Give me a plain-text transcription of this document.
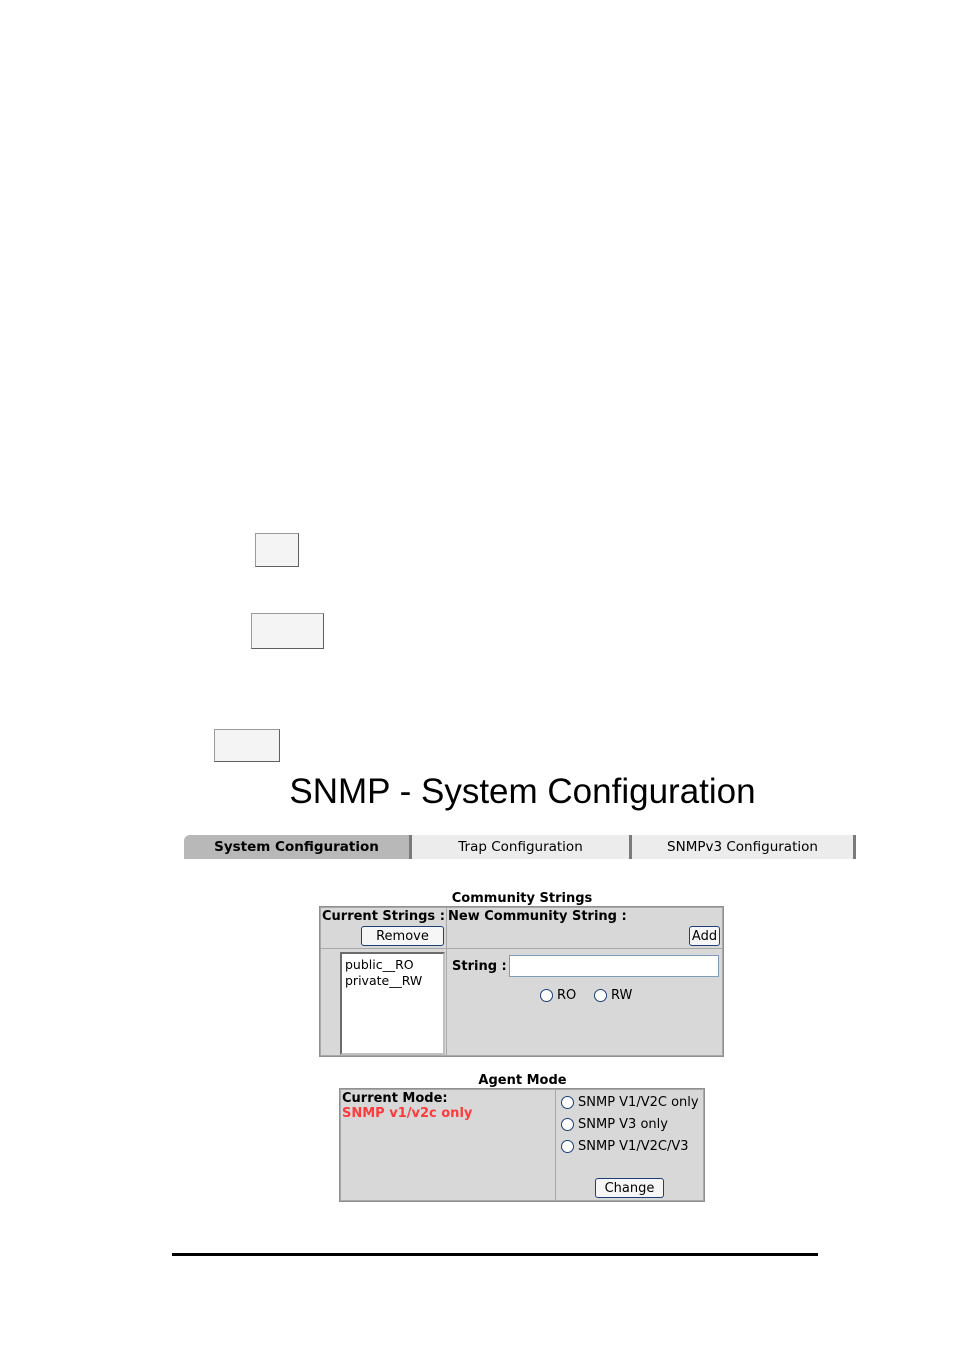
SNMP - System Configuration
System Configuration	Trap Configuration	SNMPv3 Configuration
Community Strings
Current Strings : New Community String :
Remove	Add
public__RO
private__RW
String :
RO	RW
Agent Mode
Current Mode:
SNMP v1/v2c only
SNMP V1/V2C only
SNMP V3 only
SNMP V1/V2C/V3
Change
